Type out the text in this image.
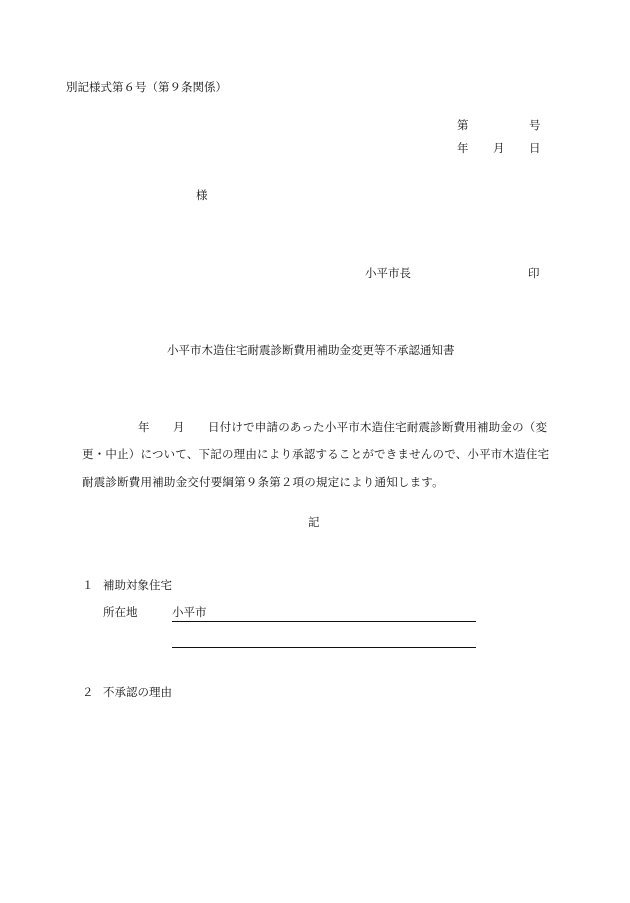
別記様式第６号（第９条関係）
第	号
年 月 日
様
小平市長	印
小平市木造住宅耐震診断費用補助金変更等不承認通知書
年 月 日付けで申請のあった小平市木造住宅耐震診断費用補助金の（変
更・中止）について、下記の理由により承認することができませんので、小平市木造住宅
耐震診断費用補助金交付要綱第９条第２項の規定により通知します。
記
１ 補助対象住宅
所在地	小平市
２ 不承認の理由
